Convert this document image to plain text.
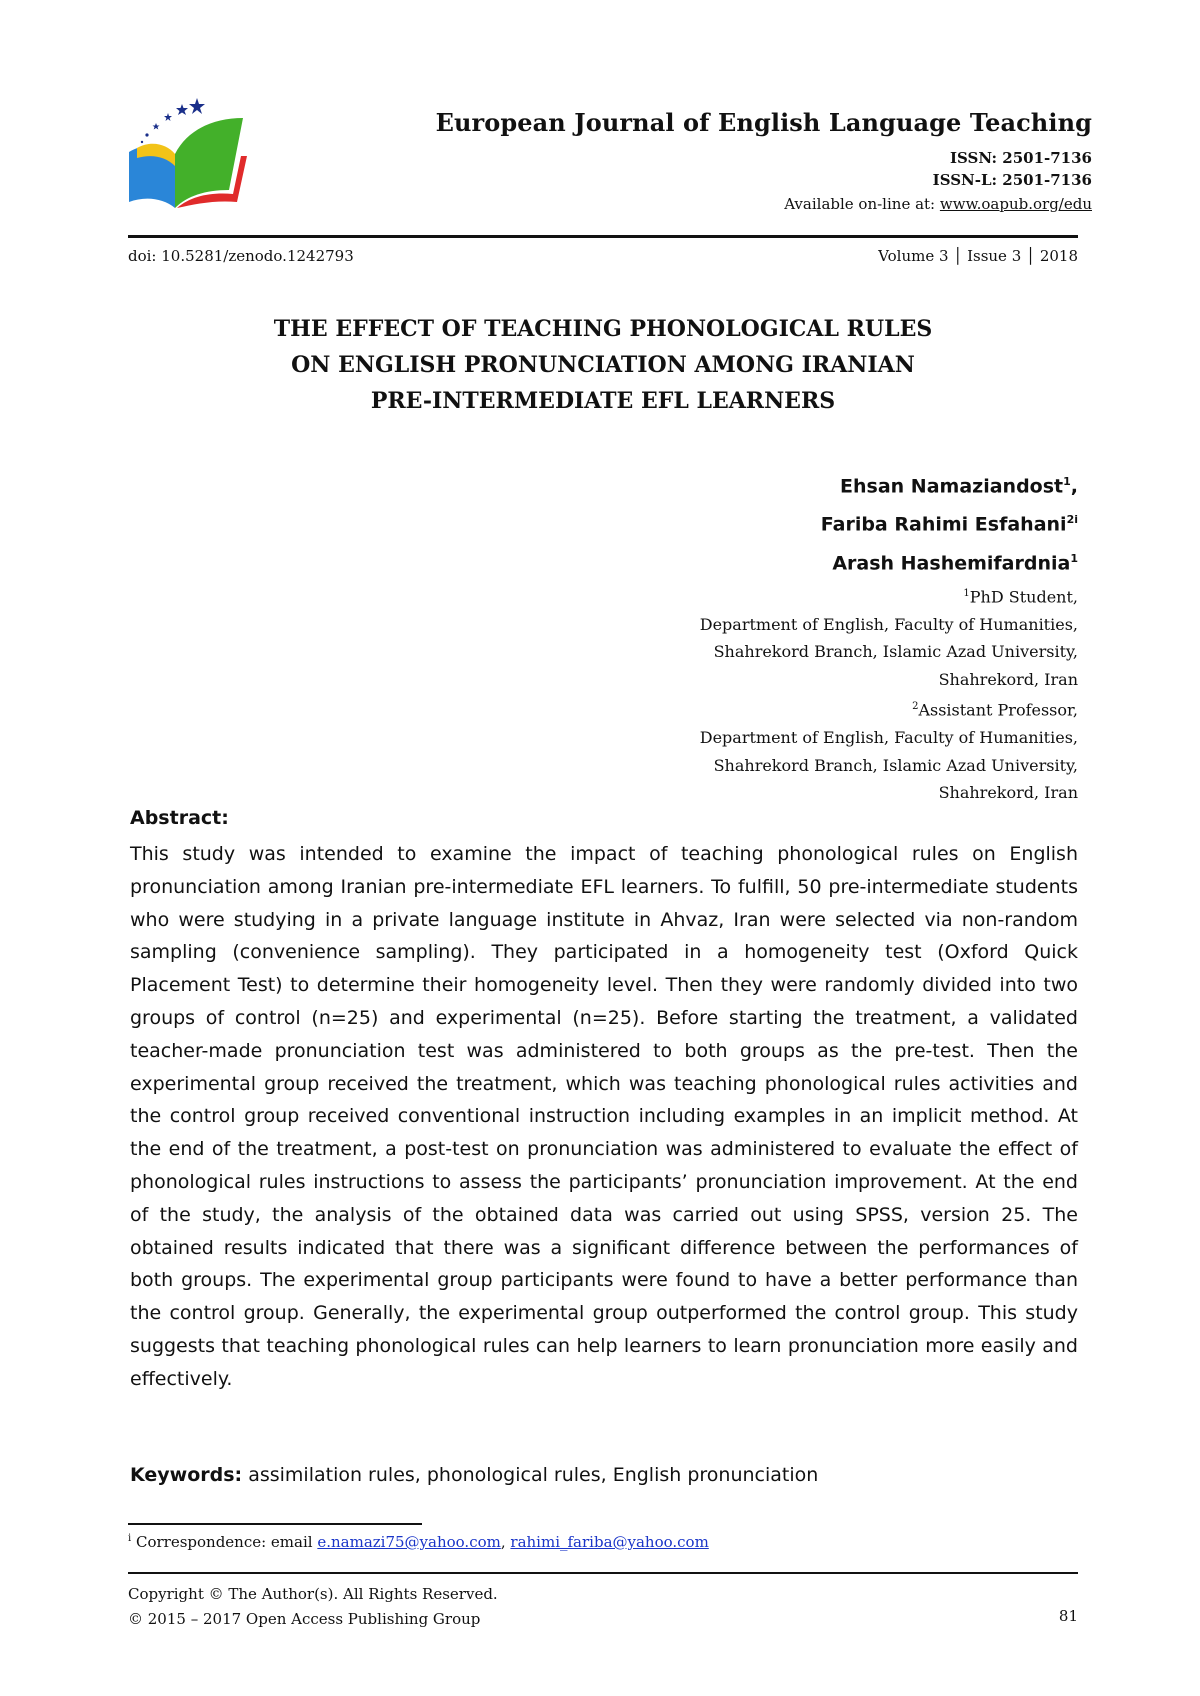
European Journal of English Language Teaching
ISSN: 2501-7136
ISSN-L: 2501-7136
Available on-line at: www.oapub.org/edu
doi: 10.5281/zenodo.1242793	Volume 3 │ Issue 3 │ 2018
THE EFFECT OF TEACHING PHONOLOGICAL RULES
ON ENGLISH PRONUNCIATION AMONG IRANIAN
PRE-INTERMEDIATE EFL LEARNERS
Ehsan Namaziandost$^1$,
Fariba Rahimi Esfahani$^{2i}$
Arash Hashemifardnia$^1$
$^1$PhD Student,
Department of English, Faculty of Humanities,
Shahrekord Branch, Islamic Azad University,
Shahrekord, Iran
$^2$Assistant Professor,
Department of English, Faculty of Humanities,
Shahrekord Branch, Islamic Azad University,
Shahrekord, Iran
Abstract:

This study was intended to examine the impact of teaching phonological rules on English pronunciation among Iranian pre-intermediate EFL learners. To fulfill, 50 pre-intermediate students who were studying in a private language institute in Ahvaz, Iran were selected via non-random sampling (convenience sampling). They participated in a homogeneity test (Oxford Quick Placement Test) to determine their homogeneity level. Then they were randomly divided into two groups of control (n=25) and experimental (n=25). Before starting the treatment, a validated teacher-made pronunciation test was administered to both groups as the pre-test. Then the experimental group received the treatment, which was teaching phonological rules activities and the control group received conventional instruction including examples in an implicit method. At the end of the treatment, a post-test on pronunciation was administered to evaluate the effect of phonological rules instructions to assess the participants’ pronunciation improvement. At the end of the study, the analysis of the obtained data was carried out using SPSS, version 25. The obtained results indicated that there was a significant difference between the performances of both groups. The experimental group participants were found to have a better performance than the control group. Generally, the experimental group outperformed the control group. This study suggests that teaching phonological rules can help learners to learn pronunciation more easily and effectively.

Keywords: assimilation rules, phonological rules, English pronunciation
$^i$ Correspondence: email e.namazi75@yahoo.com, rahimi_fariba@yahoo.com
Copyright © The Author(s). All Rights Reserved.
© 2015 – 2017 Open Access Publishing Group	81
